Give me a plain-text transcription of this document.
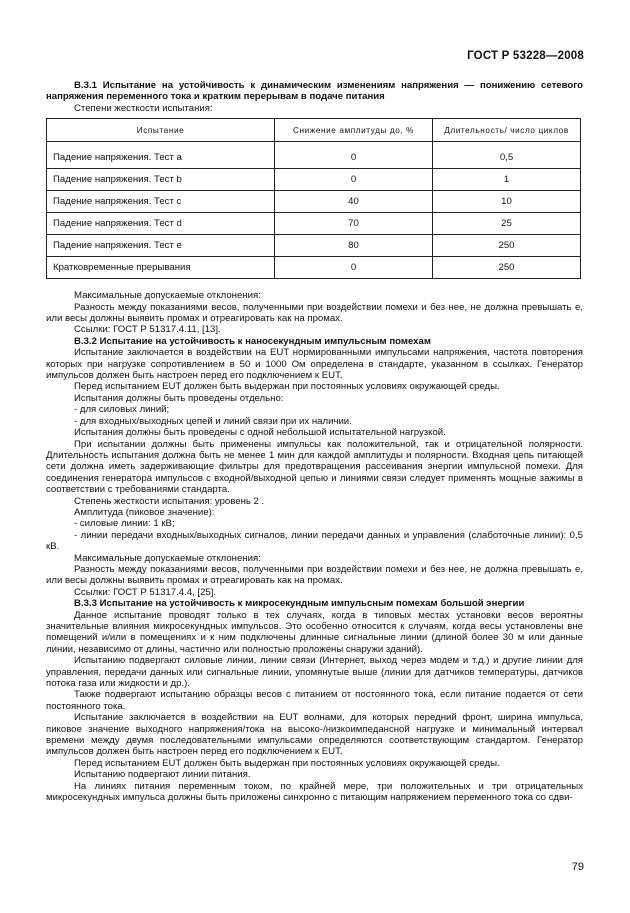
ГОСТ Р 53228—2008

В.3.1 Испытание на устойчивость к динамическим изменениям напряжения — понижению сетевого напряжения переменного тока и кратким перерывам в подаче питания

Степени жесткости испытания:

Испытание	Снижение амплитуды до, %	Длительность/ число циклов
Падение напряжения. Тест а	0	0,5
Падение напряжения. Тест b	0	1
Падение напряжения. Тест с	40	10
Падение напряжения. Тест d	70	25
Падение напряжения. Тест е	80	250
Кратковременные прерывания	0	250

Максимальные допускаемые отклонения:

Разность между показаниями весов, полученными при воздействии помехи и без нее, не должна превышать е, или весы должны выявить промах и отреагировать как на промах.

Ссылки: ГОСТ Р 51317.4.11, [13].

В.3.2 Испытание на устойчивость к наносекундным импульсным помехам

Испытание заключается в воздействии на EUT нормированными импульсами напряжения, частота повторения которых при нагрузке сопротивлением в 50 и 1000 Ом определена в стандарте, указанном в ссылках. Генератор импульсов должен быть настроен перед его подключением к EUT.

Перед испытанием EUT должен быть выдержан при постоянных условиях окружающей среды.

Испытания должны быть проведены отдельно:

- для силовых линий;

- для входных/выходных цепей и линий связи при их наличии.

Испытания должны быть проведены с одной небольшой испытательной нагрузкой.

При испытании должны быть применены импульсы как положительной, так и отрицательной полярности. Длительность испытания должна быть не менее 1 мин для каждой амплитуды и полярности. Входная цепь питающей сети должна иметь задерживающие фильтры для предотвращения рассеивания энергии импульсной помехи. Для соединения генератора импульсов с входной/выходной цепью и линиями связи следует применять мощные зажимы в соответствии с требованиями стандарта.

Степень жесткости испытания: уровень 2 .

Амплитуда (пиковое значение):

- силовые линии: 1 кВ;

- линии передачи входных/выходных сигналов, линии передачи данных и управления (слаботочные линии): 0,5 кВ.

Максимальные допускаемые отклонения:

Разность между показаниями весов, полученными при воздействии помехи и без нее, не должна превышать е, или весы должны выявить промах и отреагировать как на промах.

Ссылки: ГОСТ Р 51317.4.4, [25].

В.3.3 Испытание на устойчивость к микросекундным импульсным помехам большой энергии

Данное испытание проводят только в тех случаях, когда в типовых местах установки весов вероятны значительные влияния микросекундных импульсов. Это особенно относится к случаям, когда весы установлены вне помещений и/или в помещениях и к ним подключены длинные сигнальные линии (длиной более 30 м или данные линии, независимо от длины, частично или полностью проложены снаружи зданий).

Испытанию подвергают силовые линии, линии связи (Интернет, выход через модем и т.д.) и другие линии для управления, передачи данных или сигнальные линии, упомянутые выше (линии для датчиков температуры, датчиков потока газа или жидкости и др.).

Также подвергают испытанию образцы весов с питанием от постоянного тока, если питание подается от сети постоянного тока.

Испытание заключается в воздействии на EUT волнами, для которых передний фронт, ширина импульса, пиковое значение выходного напряжения/тока на высоко-/низкоимпедансной нагрузке и минимальный интервал времени между двумя последовательными импульсами определяются соответствующим стандартом. Генератор импульсов должен быть настроен перед его подключением к EUT.

Перед испытанием EUT должен быть выдержан при постоянных условиях окружающей среды.

Испытанию подвергают линии питания.

На линиях питания переменным током, по крайней мере, три положительных и три отрицательных микросекундных импульса должны быть приложены синхронно с питающим напряжением переменного тока со сдви-

79
